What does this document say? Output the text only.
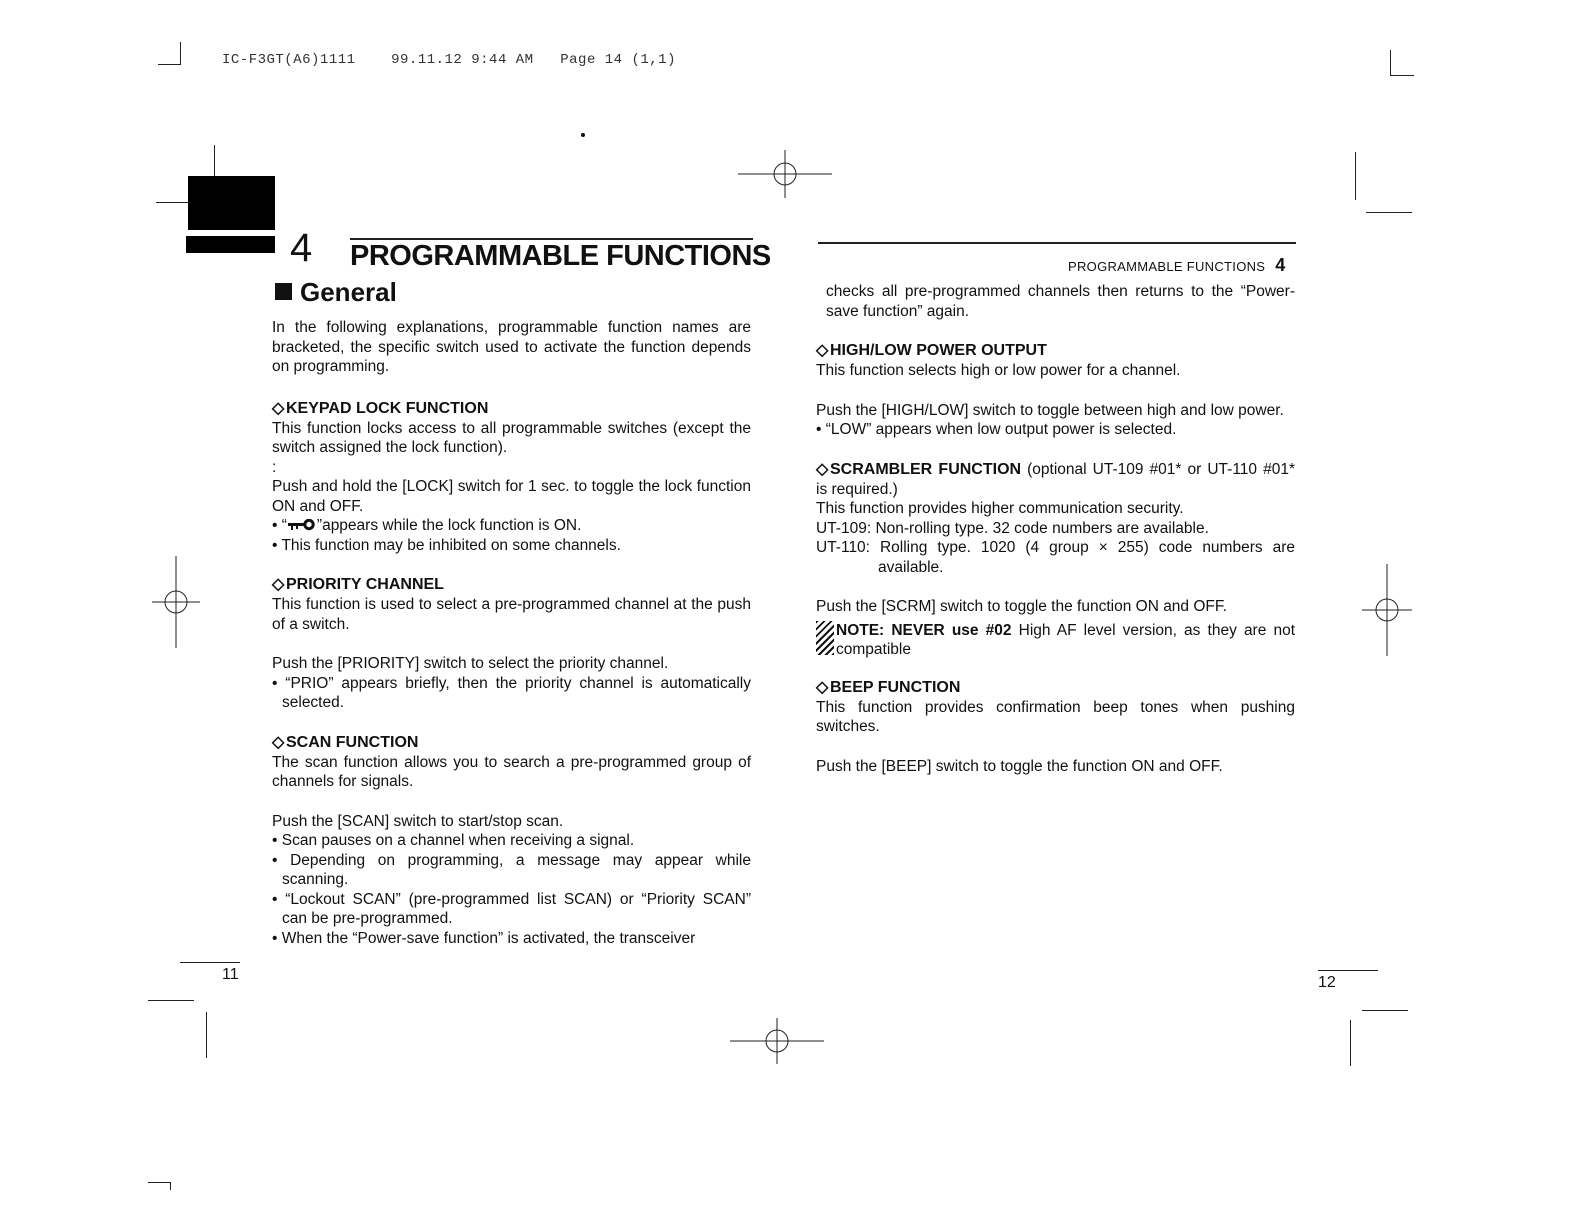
IC-F3GT(A6)1111    99.11.12 9:44 AM   Page 14 (1,1)
4 PROGRAMMABLE FUNCTIONS
General

In the following explanations, programmable function names are bracketed, the specific switch used to activate the function depends on programming.

◇ KEYPAD LOCK FUNCTION

This function locks access to all programmable switches (except the switch assigned the lock function).

:

Push and hold the [LOCK] switch for 1 sec. to toggle the lock function ON and OFF.

• “ ”appears while the lock function is ON.

• This function may be inhibited on some channels.

◇ PRIORITY CHANNEL

This function is used to select a pre-programmed channel at the push of a switch.

Push the [PRIORITY] switch to select the priority channel.

• “PRIO” appears briefly, then the priority channel is automatically selected.

◇ SCAN FUNCTION

The scan function allows you to search a pre-programmed group of channels for signals.

Push the [SCAN] switch to start/stop scan.

• Scan pauses on a channel when receiving a signal.

• Depending on programming, a message may appear while scanning.

• “Lockout SCAN” (pre-programmed list SCAN) or “Priority SCAN” can be pre-programmed.

• When the “Power-save function” is activated, the transceiver

11
PROGRAMMABLE FUNCTIONS 4

checks all pre-programmed channels then returns to the “Power-save function” again.

◇ HIGH/LOW POWER OUTPUT

This function selects high or low power for a channel.

Push the [HIGH/LOW] switch to toggle between high and low power.

• “LOW” appears when low output power is selected.

◇ SCRAMBLER FUNCTION (optional UT-109 #01* or UT-110 #01* is required.)

This function provides higher communication security.

UT-109: Non-rolling type. 32 code numbers are available.

UT-110: Rolling type. 1020 (4 group × 255) code numbers are available.

Push the [SCRM] switch to toggle the function ON and OFF.

NOTE: NEVER use #02 High AF level version, as they are not compatible

◇ BEEP FUNCTION

This function provides confirmation beep tones when pushing switches.

Push the [BEEP] switch to toggle the function ON and OFF.

12
